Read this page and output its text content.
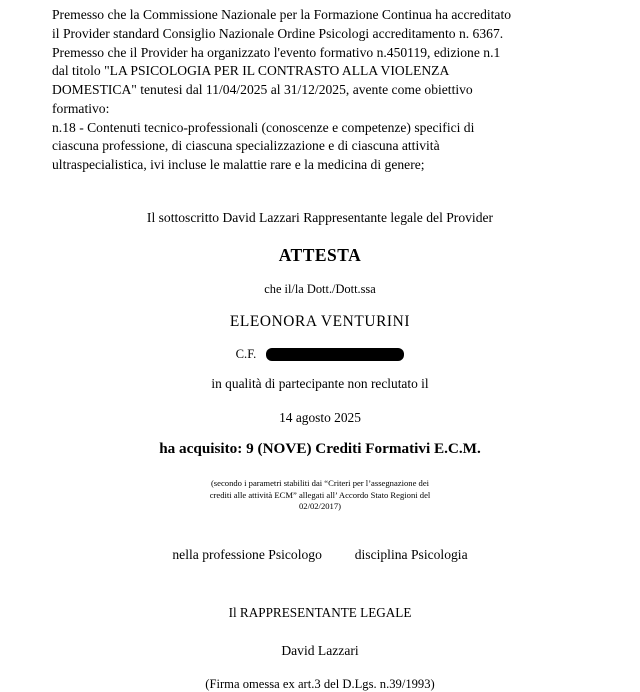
Premesso che la Commissione Nazionale per la Formazione Continua ha accreditato

il Provider standard Consiglio Nazionale Ordine Psicologi accreditamento n. 6367.

Premesso che il Provider ha organizzato l'evento formativo n.450119, edizione n.1

dal titolo "LA PSICOLOGIA PER IL CONTRASTO ALLA VIOLENZA

DOMESTICA" tenutesi dal 11/04/2025 al 31/12/2025, avente come obiettivo

formativo:

n.18 - Contenuti tecnico-professionali (conoscenze e competenze) specifici di

ciascuna professione, di ciascuna specializzazione e di ciascuna attività

ultraspecialistica, ivi incluse le malattie rare e la medicina di genere;

Il sottoscritto David Lazzari Rappresentante legale del Provider
ATTESTA
che il/la Dott./Dott.ssa
ELEONORA VENTURINI
C.F.
in qualità di partecipante non reclutato il
14 agosto 2025
ha acquisito: 9 (NOVE) Crediti Formativi E.C.M.
(secondo i parametri stabiliti dai “Criteri per l’assegnazione dei
crediti alle attività ECM” allegati all’ Accordo Stato Regioni del
02/02/2017)
nella professione Psicologo disciplina Psicologia
Il RAPPRESENTANTE LEGALE
David Lazzari
(Firma omessa ex art.3 del D.Lgs. n.39/1993)
